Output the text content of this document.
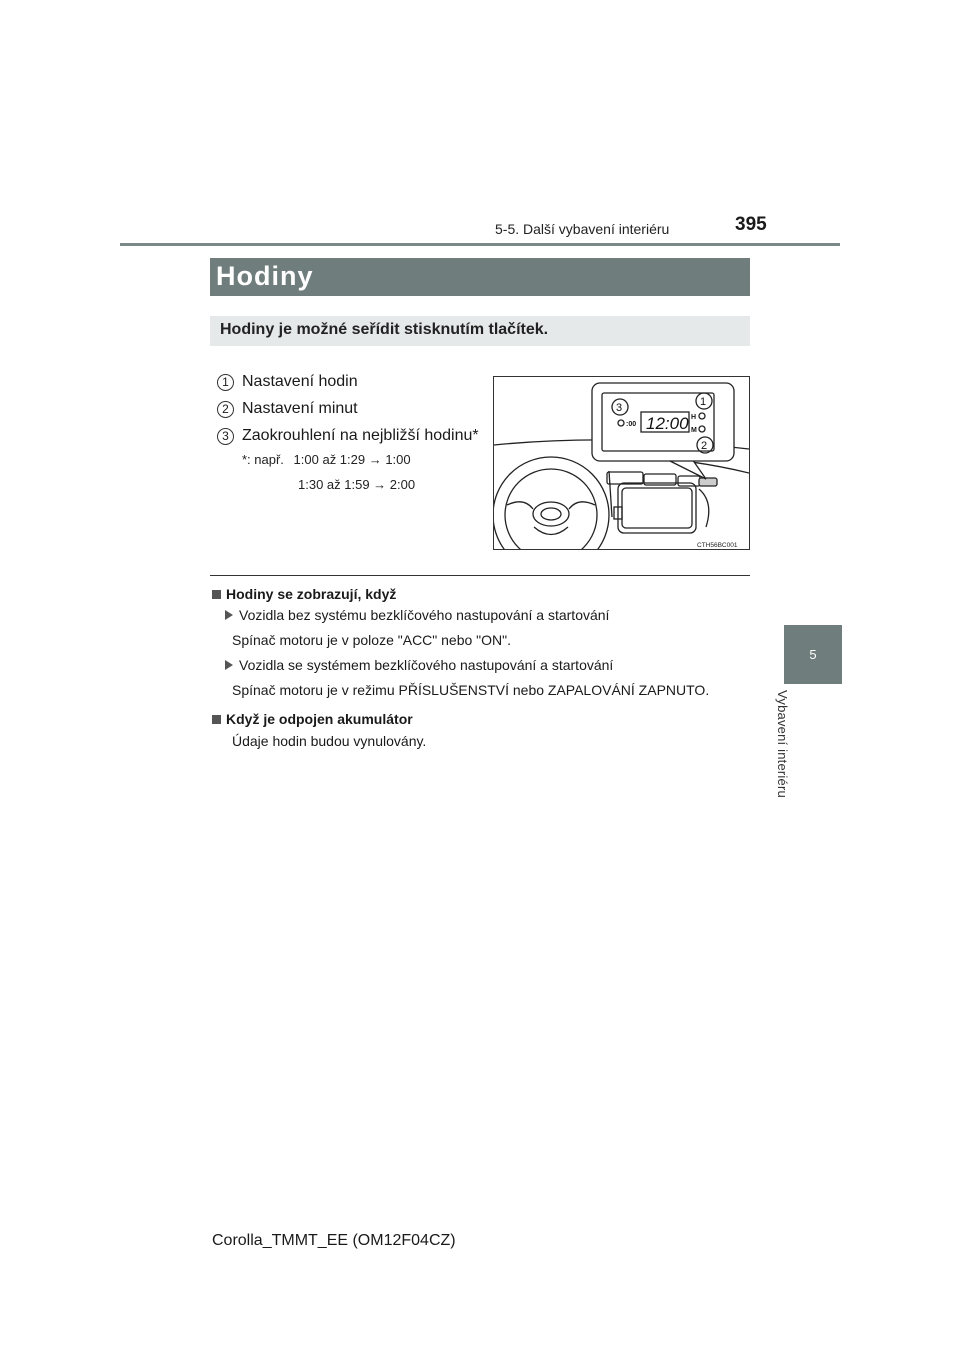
5-5. Další vybavení interiéru	395
5
Vybavení interiéru
Hodiny
Hodiny je možné seřídit stisknutím tlačítek.
1 Nastavení hodin
2 Nastavení minut
3 Zaokrouhlení na nejbližší hodinu*
*: např. 1:00 až 1:29 → 1:00
1:30 až 1:59 → 2:00
12:00
:00
H
M
3	1
2
CTH56BC001
Hodiny se zobrazují, když
Vozidla bez systému bezklíčového nastupování a startování
Spínač motoru je v poloze "ACC" nebo "ON".
Vozidla se systémem bezklíčového nastupování a startování
Spínač motoru je v režimu PŘÍSLUŠENSTVÍ nebo ZAPALOVÁNÍ ZAPNUTO.
Když je odpojen akumulátor
Údaje hodin budou vynulovány.
Corolla_TMMT_EE (OM12F04CZ)
